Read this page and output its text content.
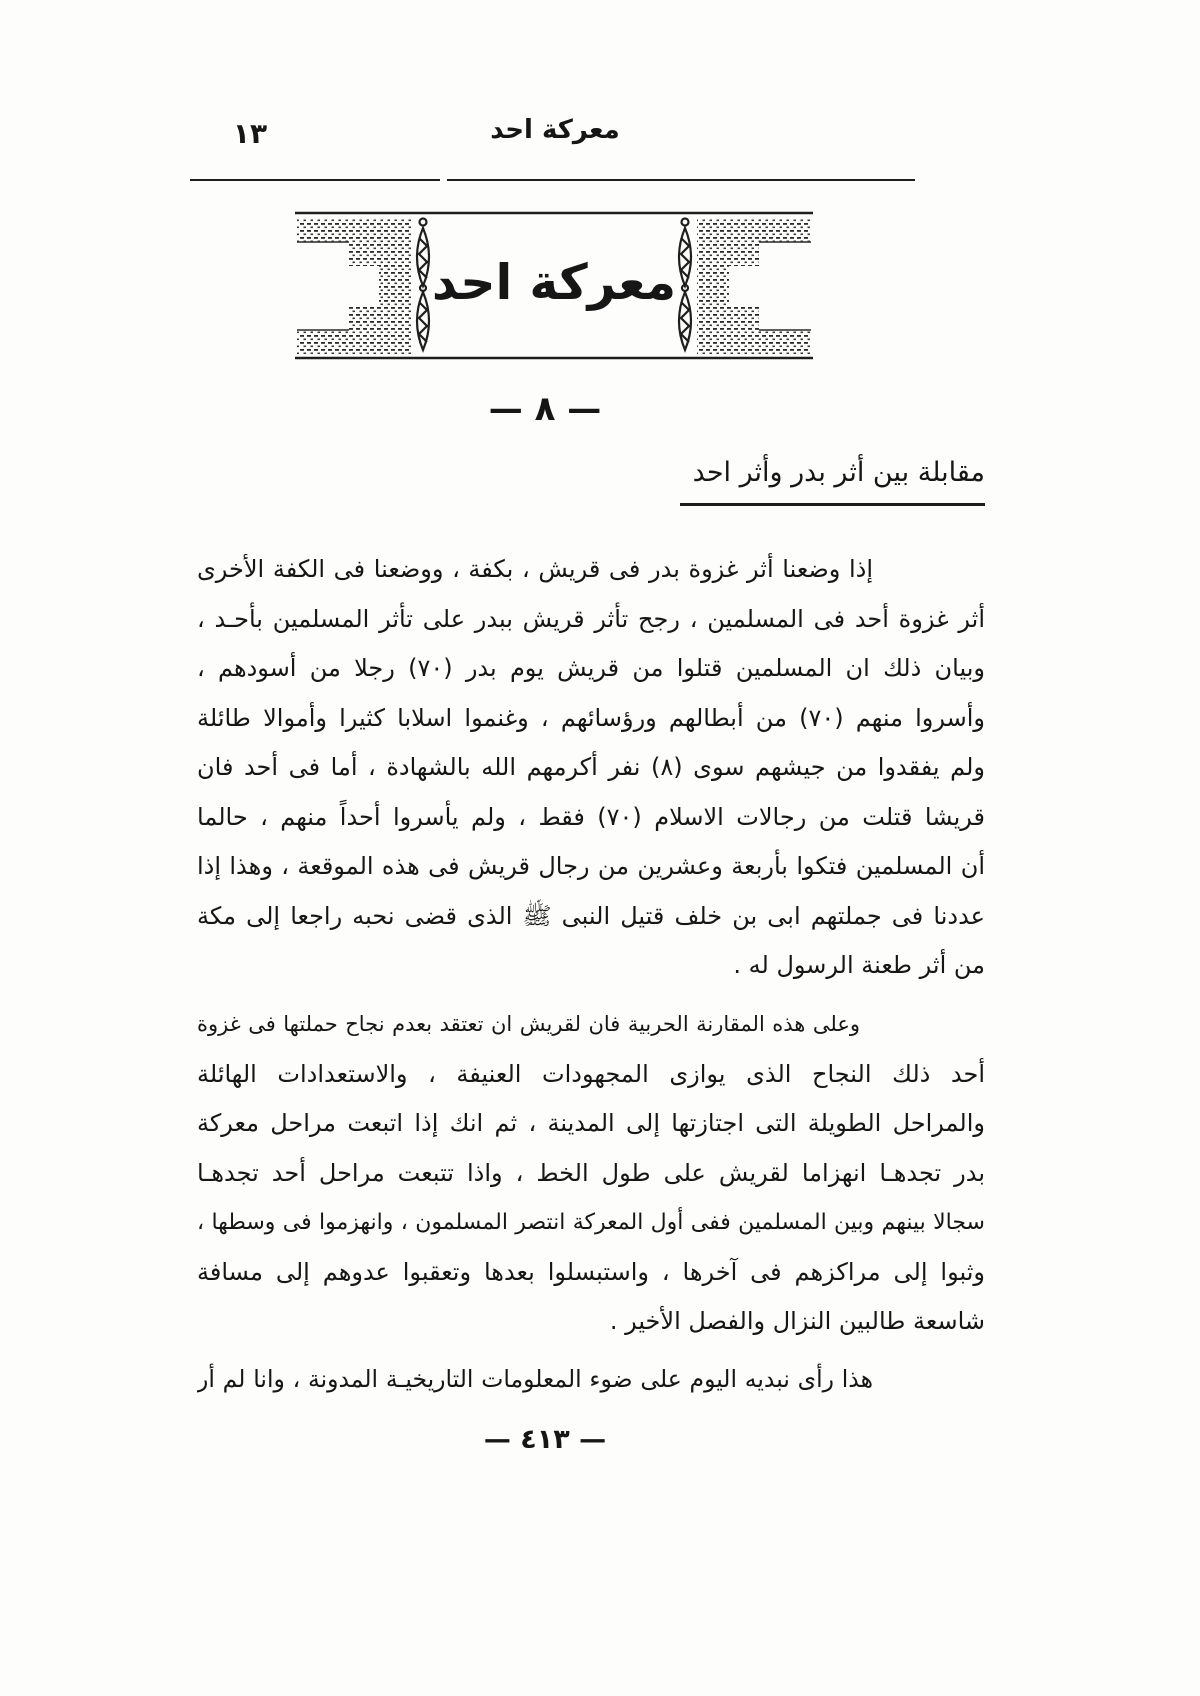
معركة احد
١٣
معركة احد
— ٨ —
مقابلة بين أثر بدر وأثر احد
إذا وضعنا أثر غزوة بدر فى قريش ، بكفة ، ووضعنا فى الكفة الأخرى
أثر غزوة أحد فى المسلمين ، رجح تأثر قريش ببدر على تأثر المسلمين بأحـد ،
وبيان ذلك ان المسلمين قتلوا من قريش يوم بدر (٧٠) رجلا من أسودهم ،
وأسروا منهم (٧٠) من أبطالهم ورؤسائهم ، وغنموا اسلابا كثيرا وأموالا طائلة
ولم يفقدوا من جيشهم سوى (٨) نفر أكرمهم الله بالشهادة ، أما فى أحد فان
قريشا قتلت من رجالات الاسلام (٧٠) فقط ، ولم يأسروا أحداً منهم ، حالما
أن المسلمين فتكوا بأربعة وعشرين من رجال قريش فى هذه الموقعة ، وهذا إذا
عددنا فى جملتهم ابى بن خلف قتيل النبى ﷺ الذى قضى نحبه راجعا إلى مكة
من أثر طعنة الرسول له .
وعلى هذه المقارنة الحربية فان لقريش ان تعتقد بعدم نجاح حملتها فى غزوة
أحد ذلك النجاح الذى يوازى المجهودات العنيفة ، والاستعدادات الهائلة
والمراحل الطويلة التى اجتازتها إلى المدينة ، ثم انك إذا اتبعت مراحل معركة
بدر تجدهـا انهزاما لقريش على طول الخط ، واذا تتبعت مراحل أحد تجدهـا
سجالا بينهم وبين المسلمين ففى أول المعركة انتصر المسلمون ، وانهزموا فى وسطها ،
وثبوا إلى مراكزهم فى آخرها ، واستبسلوا بعدها وتعقبوا عدوهم إلى مسافة
شاسعة طالبين النزال والفصل الأخير .
هذا رأى نبديه اليوم على ضوء المعلومات التاريخيـة المدونة ، وانا لم أر
— ٤١٣ —
